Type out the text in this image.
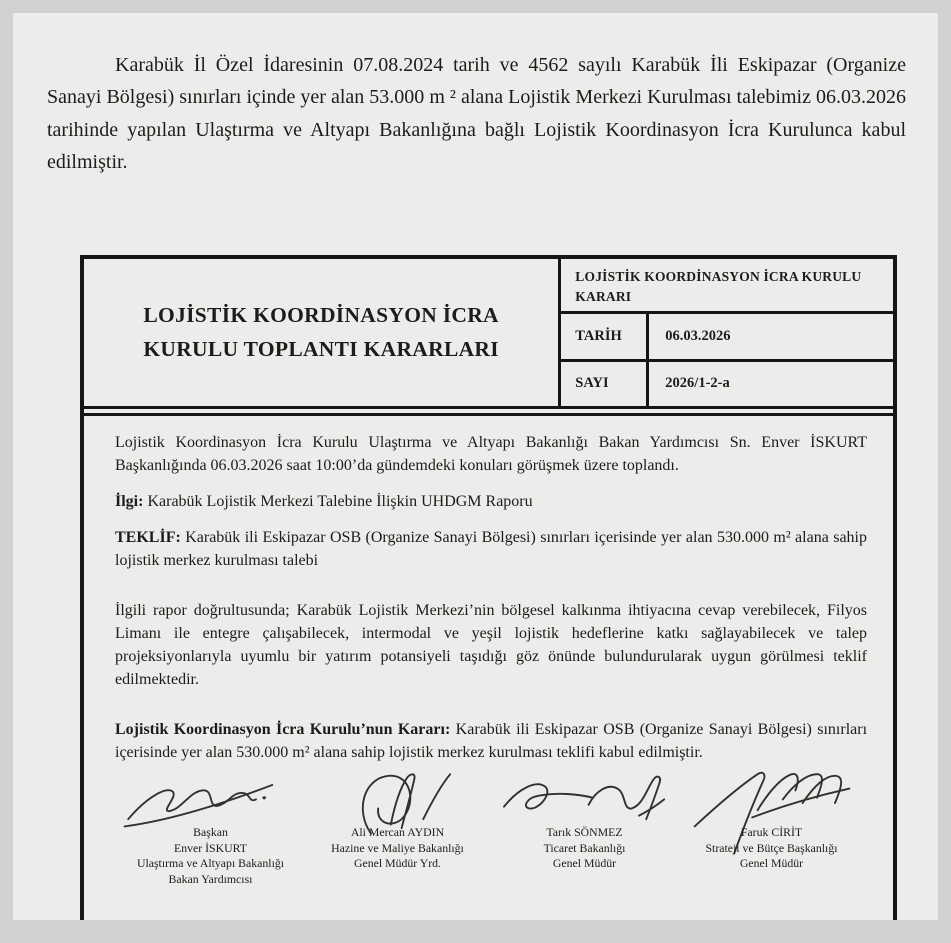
Karabük İl Özel İdaresinin 07.08.2024 tarih ve 4562 sayılı Karabük İli Eskipazar (Organize Sanayi Bölgesi) sınırları içinde yer alan 53.000 m ² alana Lojistik Merkezi Kurulması talebimiz 06.03.2026 tarihinde yapılan Ulaştırma ve Altyapı Bakanlığına bağlı Lojistik Koordinasyon İcra Kurulunca kabul edilmiştir.

LOJİSTİK KOORDİNASYON İCRA KURULU TOPLANTI KARARLARI
LOJİSTİK KOORDİNASYON İCRA KURULU KARARI
TARİH	06.03.2026
SAYI	2026/1-2-a

Lojistik Koordinasyon İcra Kurulu Ulaştırma ve Altyapı Bakanlığı Bakan Yardımcısı Sn. Enver İSKURT Başkanlığında 06.03.2026 saat 10:00’da gündemdeki konuları görüşmek üzere toplandı.

İlgi: Karabük Lojistik Merkezi Talebine İlişkin UHDGM Raporu

TEKLİF: Karabük ili Eskipazar OSB (Organize Sanayi Bölgesi) sınırları içerisinde yer alan 530.000 m² alana sahip lojistik merkez kurulması talebi

İlgili rapor doğrultusunda; Karabük Lojistik Merkezi’nin bölgesel kalkınma ihtiyacına cevap verebilecek, Filyos Limanı ile entegre çalışabilecek, intermodal ve yeşil lojistik hedeflerine katkı sağlayabilecek ve talep projeksiyonlarıyla uyumlu bir yatırım potansiyeli taşıdığı göz önünde bulundurularak uygun görülmesi teklif edilmektedir.

Lojistik Koordinasyon İcra Kurulu’nun Kararı: Karabük ili Eskipazar OSB (Organize Sanayi Bölgesi) sınırları içerisinde yer alan 530.000 m² alana sahip lojistik merkez kurulması teklifi kabul edilmiştir.

Başkan
Enver İSKURT
Ulaştırma ve Altyapı Bakanlığı
Bakan Yardımcısı
Ali Mercan AYDIN
Hazine ve Maliye Bakanlığı
Genel Müdür Yrd.
Tarık SÖNMEZ
Ticaret Bakanlığı
Genel Müdür
Faruk CİRİT
Strateji ve Bütçe Başkanlığı
Genel Müdür
